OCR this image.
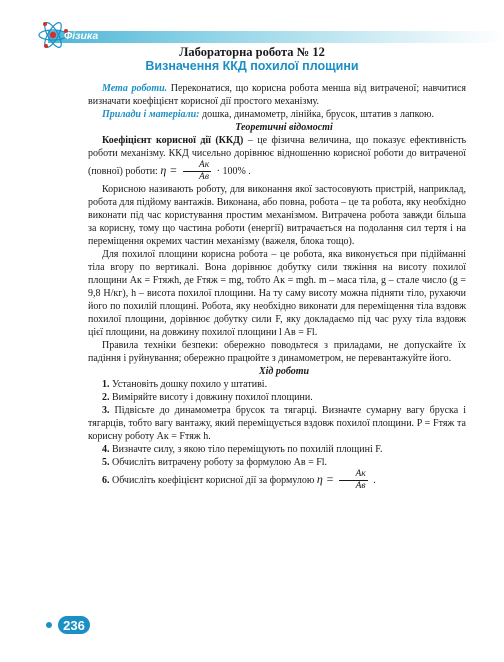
Фізика
Лабораторна робота № 12
Визначення ККД похилої площини

Мета роботи. Переконатися, що корисна робота менша від витраченої; навчитися визначати коефіцієнт корисної дії простого механізму.

Прилади і матеріали: дошка, динамометр, лінійка, брусок, штатив з лапкою.

Теоретичні відомості

Коефіцієнт корисної дії (ККД) – це фізична величина, що показує ефективність роботи механізму. ККД чисельно дорівнює відношенню корисної роботи до витраченої (повної) роботи: $\eta = \frac{Aк}{Aв} \cdot 100\%$ .

Корисною називають роботу, для виконання якої застосовують пристрій, наприклад, робота для підйому вантажів. Виконана, або повна, робота – це та робота, яку необхідно виконати під час користування простим механізмом. Витрачена робота завжди більша за корисну, тому що частина роботи (енергії) витрачається на подолання сил тертя і на переміщення окремих частин механізму (важеля, блока тощо).

Для похилої площини корисна робота – це робота, яка виконується при підійманні тіла вгору по вертикалі. Вона дорівнює добутку сили тяжіння на висоту похилої площини Aк = Fтяжh, де Fтяж = mg, тобто Aк = mgh. m – маса тіла, g – стале число (g = 9,8 Н/кг), h – висота похилої площини. На ту саму висоту можна підняти тіло, рухаючи його по похилій площині. Робота, яку необхідно виконати для переміщення тіла вздовж похилої площини, дорівнює добутку сили F, яку докладаємо під час руху тіла вздовж цієї площини, на довжину похилої площини l Aв = Fl.

Правила техніки безпеки: обережно поводьтеся з приладами, не допускайте їх падіння і руйнування; обережно працюйте з динамометром, не перевантажуйте його.

Хід роботи

1. Установіть дошку похило у штативі.

2. Виміряйте висоту і довжину похилої площини.

3. Підвісьте до динамометра брусок та тягарці. Визначте сумарну вагу бруска і тягарців, тобто вагу вантажу, який переміщується вздовж похилої площини. P = Fтяж та корисну роботу Aк = Fтяж h.

4. Визначте силу, з якою тіло переміщують по похилій площині F.

5. Обчисліть витрачену роботу за формулою Aв = Fl.

6. Обчисліть коефіцієнт корисної дії за формулою $\eta = \frac{Aк}{Aв}$ .

236
